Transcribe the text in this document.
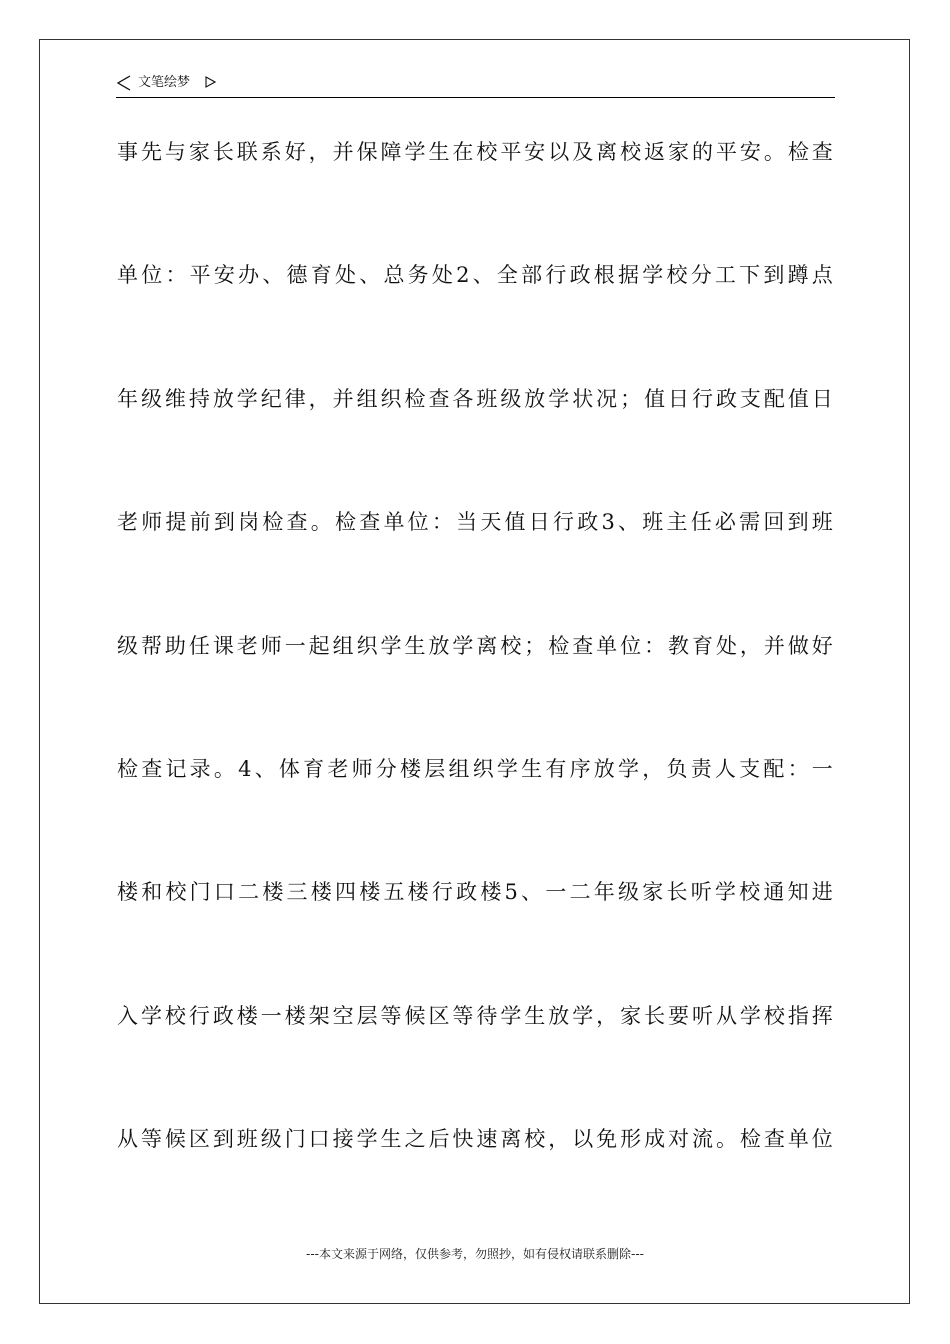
文笔绘梦
事先与家长联系好，并保障学生在校平安以及离校返家的平安。检查
单位：平安办、德育处、总务处2、全部行政根据学校分工下到蹲点
年级维持放学纪律，并组织检查各班级放学状况；值日行政支配值日
老师提前到岗检查。检查单位：当天值日行政3、班主任必需回到班
级帮助任课老师一起组织学生放学离校；检查单位：教育处，并做好
检查记录。4、体育老师分楼层组织学生有序放学，负责人支配：一
楼和校门口二楼三楼四楼五楼行政楼5、一二年级家长听学校通知进
入学校行政楼一楼架空层等候区等待学生放学，家长要听从学校指挥
从等候区到班级门口接学生之后快速离校，以免形成对流。检查单位
---本文来源于网络，仅供参考，勿照抄，如有侵权请联系删除---
